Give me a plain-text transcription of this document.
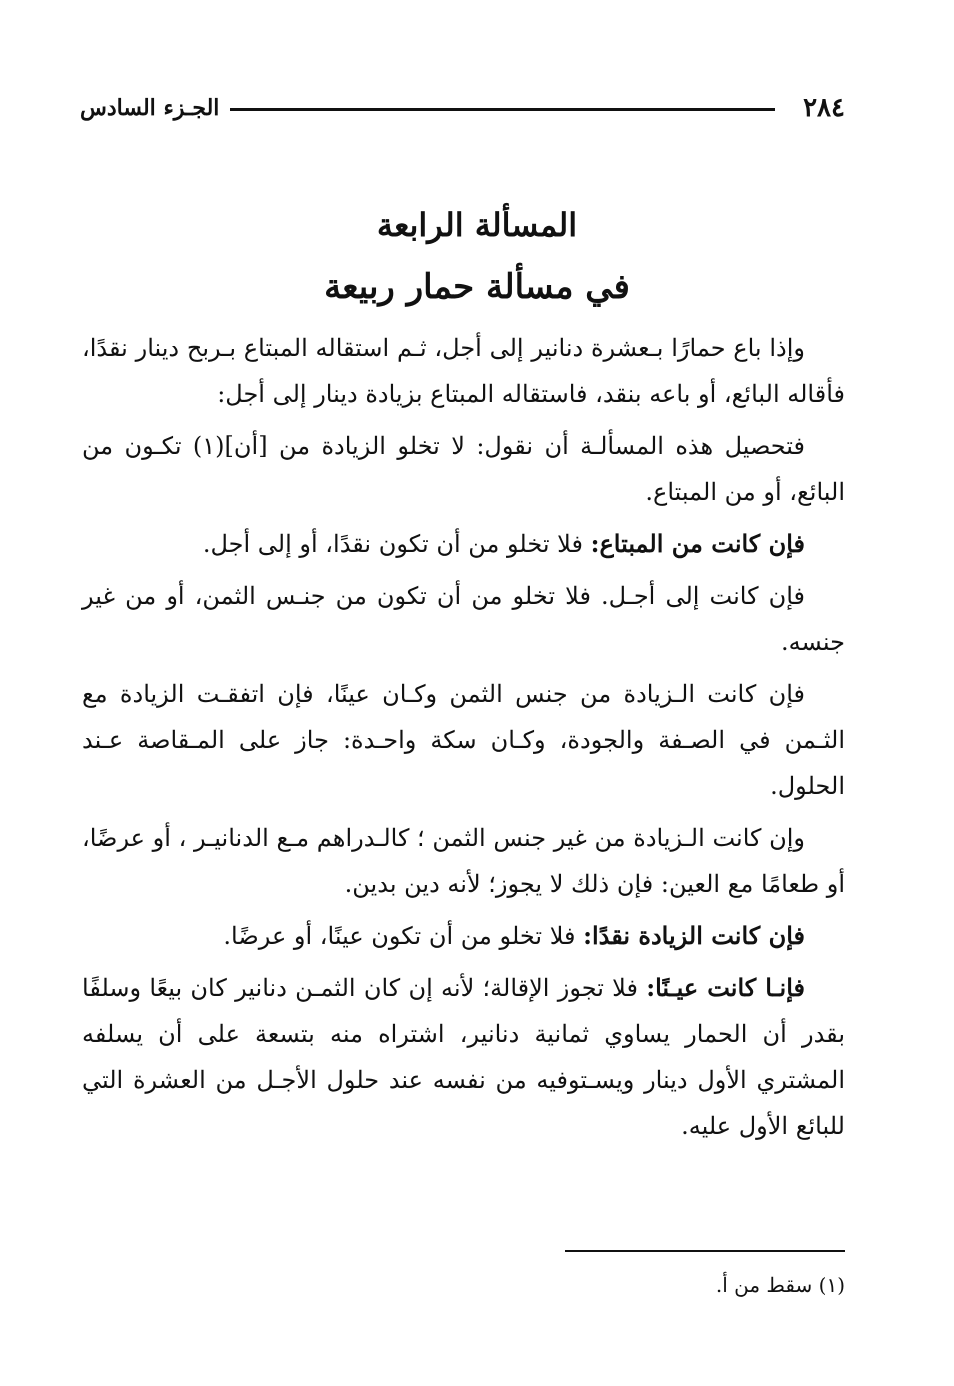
٢٨٤
الجـزء السادس
المسألة الرابعة
في مسألة حمار ربيعة

وإذا باع حمارًا بـعشرة دنانير إلى أجل، ثـم استقاله المبتاع بـربح دينار نقدًا، فأقاله البائع، أو باعه بنقد، فاستقاله المبتاع بزيادة دينار إلى أجل:

فتحصيل هذه المسألـة أن نقول: لا تخلو الزيادة من [أن](١) تكـون من البائع، أو من المبتاع.

فإن كانت من المبتاع: فلا تخلو من أن تكون نقدًا، أو إلى أجل.

فإن كانت إلى أجـل. فلا تخلو من أن تكون من جنـس الثمن، أو من غير جنسه.

فإن كانت الـزيادة من جنس الثمن وكـان عينًا، فإن اتفقـت الزيادة مع الثـمن في الصـفة والجودة، وكـان سكة واحـدة: جاز على المـقاصة عـند الحلول.

وإن كانت الـزيادة من غير جنس الثمن ؛ كالـدراهم مـع الدنانيـر ، أو عرضًا، أو طعامًا مع العين: فإن ذلك لا يجوز؛ لأنه دين بدين.

فإن كانت الزيادة نقدًا: فلا تخلو من أن تكون عينًا، أو عرضًا.

فإنـا كانت عيـنًا: فلا تجوز الإقالة؛ لأنه إن كان الثمـن دنانير كان بيعًا وسلفًا بقدر أن الحمار يساوي ثمانية دنانير، اشتراه منه بتسعة على أن يسلفه المشتري الأول دينار ويسـتوفيه من نفسه عند حلول الأجـل من العشرة التي للبائع الأول عليه.

(١) سقط من أ.
